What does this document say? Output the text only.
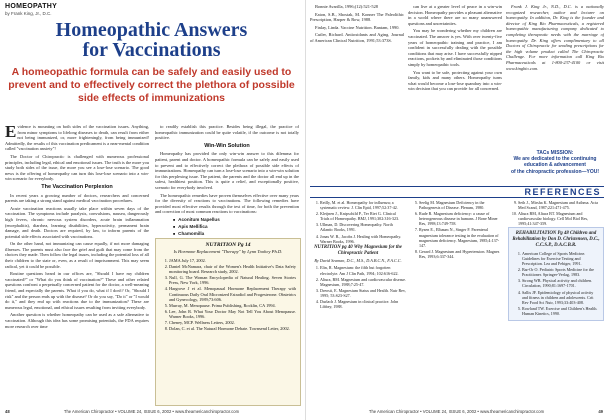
HOMEOPATHY
by Frank King, Jr., D.C.
Homeopathic Answers
for Vaccinations
A homeopathic formula can be safely and easily used to prevent and to effectively correct the plethora of possible side effects of immunizations

Evidence is mounting on both sides of the vaccination issues. Anything, from minor symptoms to lifelong diseases to death, can result from either not being immunized, or, more frighteningly, from being immunized! Admittedly, the results of this vaccination predicament is a near-mental condition called "vaccination anxiety"!

The Doctor of Chiropractic is challenged with numerous professional principles, including legal, ethical and emotional issues. The truth is the more you study both sides of the issue, the more you see a lose-lose scenario. The good news is the offering of homeopathy can turn this lose-lose scenario into a win-win scenario for everybody.

The Vaccination Perplexion

In recent years a growing number of doctors, researchers and concerned parents are taking a strong stand against medical vaccination procedures.

Acute vaccination reactions usually take place within seven days of the vaccination. The symptoms include paralysis, convulsions, nausea, dangerously high fevers, chronic nervous system disorders, acute brain inflammation (encephalitis), diarrhea, learning disabilities, hyperactivity, permanent brain damage, and death. Doctors are required, by law, to inform parents of the potential side effects associated with vaccinations.

On the other hand, not immunizing can cause equally, if not more damaging illnesses. The parents must also face the grief and guilt that may come from the choices they made. Then follow the legal issues, including the potential loss of all their children to the state or, even, as a result of imprisonment. This may seem radical, yet it could be possible.

Routine questions heard in our offices are, "Should I have my children vaccinated?" or "What do you think of vaccination?" These and other related questions confront a perpetually concerned patient for the doctor, a well-meaning friend, and especially the parents. What if you do, what if I don't? Or, "Should I risk" and the person ends up with the disease? Or do you say, "Do it" or "I would do it," and they end up with reactions due to the immunization? These are numerous legal, emotional, and ethical issues resulting from inviting everybody.

Another question is whether homeopathy can be used as a safe alternative to vaccination. Although this idea has some promising potentials, the FDA requires more research over time

to readily establish this practice. Besides being illegal, the practice of homeopathic immunization could be quite volatile, if the outcome is not totally positive.

Win-Win Solution

Homeopathy has provided the only win-win answer to this dilemma for patient, parent and doctor. A homeopathic formula can be safely and easily used to prevent and to effectively correct the plethora of possible side effects of immunizations. Homeopathy can turn a lose-lose scenario into a win-win solution for this perplexing issue. The patient, the parents and the doctor all end up in the safest, healthiest position. This is quite a relief, and exceptionally positive, scenario for everybody involved.

The homeopathic remedies have proven themselves effective over many years for the diversity of reactions to vaccinations. The following remedies have provided most effective results through the test of time, for both the prevention and correction of most common reactions to vaccinations:

■ Aconitum Napellus
■ Apis Mellifica
■ Chamomilla

NUTRITION Pg 14
Is Hormone Replacement "Therapy" by Lynn Toohey Ph.D.
1. JAMA July 17, 2002.
2. Daniel McNamara, chair of the Women's Health Initiative's Data Safety monitoring board. Research study, 2002.
3. Null, G. The Woman Encyclopedia of Natural Healing. Seven Stories Press, New York, 1996.
4. Hargrove J et al. Menopausal Hormone Replacement Therapy with Continuous Daily Oral Micronized Estradiol and Progesterone. Obstetrics and Gynecology, 1989;73:606.
5. Murray, M. Menopause. Prima Publishing, Rocklin, CA 1994.
6. Lee, John R. What Your Doctor May Not Tell You About Menopause. Warner Books, 1996.
7. Cheney, MCP. Wellness Letters, 2002.
8. Dolan, C. et al. The Natural Hormone Debate. Townsend Letter, 2002.
48	The American Chiropractor • VOLUME 24, ISSUE 6, 2002 • www.theamericanchiropractor.com

Bonnie Avarilla, 1996;(12):521-528

Eaton, S.B., Shostak, M. Konner The Paleolithic Prescription, Harper & Row, 1988.

Finlay, Linda. Vaccine Nutrition. Bantam, 1990.

Cutler, Richard. Antioxidants and Aging. Journal of American Clinical Nutrition, 1991;53:373S.

can live at a greater level of peace in a win-win decision. Homeopathy provides a pleasant alternative in a world where there are so many unanswered questions and uncertainties.

You may be wondering whether my children are vaccinated. The answer is yes. With over twenty-five years of homeopathic training and practice, I am confident in successfully dealing with the possible conditions that may arise. I have successfully nipped reactions, pockets by and eliminated those conditions simply by homeopathic tools.

You want to be safe, protecting against your own family, kids and many others. Homeopathy turns what would become a lose-lose quandary into a win-win decision that you can provide for all concerned.

Frank J. King Jr., N.D., D.C. is a nationally recognized researcher, author and lecturer on homeopathy. In addition, Dr. King is the founder and director of King Bio Pharmaceuticals, a registered homeopathic manufacturing company dedicated to completing therapeutic needs with the marriage of homeopathy. Dr. King offers complimentary to all Doctors of Chiropractic for sending prescriptions for the high volume product called The Chiropractic Challenge. For more information call King Bio Pharmaceuticals at 1-800-237-4100 or visit www.kingbio.com.

TACs MISSION:
We are dedicated to the continuing education & advancement
of the chiropractic profession—YOU!
REFERENCES
1. Reilly, M. et al. Homeopathy for influenza; a systematic review. J. Clin Epid, 1997;52:37-42.
2. Kleijnen J., Knipschild P., Ter Riet G. Clinical Trials of Homeopathy. BMJ, 1991;302:316-323.
3. Ullman, D. Discovering Homeopathy. North Atlantic Books, 1991.
4. Jonas W. B., Jacobs J. Healing with Homeopathy. Warner Books, 1996.
NUTRITION pg 40 Why Magnesium for the Chiropractic Patient
By David Seaman, D.C., M.S., D.A.B.C.N., F.A.C.C.
1. Elin, R. Magnesium: the fifth but forgotten electrolyte. Am J Clin Path, 1994; 102:616-622.
2. Altura, BM. Magnesium and cardiovascular disease. Magnesium, 1988;7:25-47.
3. Dreosti, E. Magnesium Status and Health. Nutr Rev, 1995; 53:S23-S27.
4. Durlach J. Magnesium in clinical practice. John Libbey, 1988.
5. Seelig M. Magnesium Deficiency in the Pathogenesis of Disease. Plenum, 1980.
6. Rude R. Magnesium deficiency: a cause of heterogeneous disease in humans. J Bone Miner Res, 1998;13:749-758.
7. Ryzen E., Elbaum N., Singer F. Parenteral magnesium tolerance testing in the evaluation of magnesium deficiency. Magnesium, 1985;4:137-147.
8. Gerard J. Magnesium and Hypertension. Magnes Res, 1993;6:337-344.
9. Seth J., Mirsha K. Magnesium and Asthma. Acta Med Scand, 1987;221:471-475.
10. Altura BM, Altura BT. Magnesium and cardiovascular biology. Cell Mol Biol Res, 1995;41:347-359.
REHABILITATION Pg 48 Children and Rehabilitation by Don D. Christensen, D.C., C.C.S.P., D.A.C.B.R.
1. American College of Sports Medicine. Guidelines for Exercise Testing and Prescription. Lea and Febiger, 1991.
2. Bar-Or O. Pediatric Sports Medicine for the Practitioner. Springer-Verlag, 1983.
3. Strong WB. Physical activity and children. Circulation, 1990;81:1697-1701.
4. Sallis JF. Epidemiology of physical activity and fitness in children and adolescents. Crit Rev Food Sci Nutr, 1993;33:403-408.
5. Rowland TW. Exercise and Children's Health. Human Kinetics, 1990.
The American Chiropractor • VOLUME 24, ISSUE 6, 2002 • www.theamericanchiropractor.com	49
